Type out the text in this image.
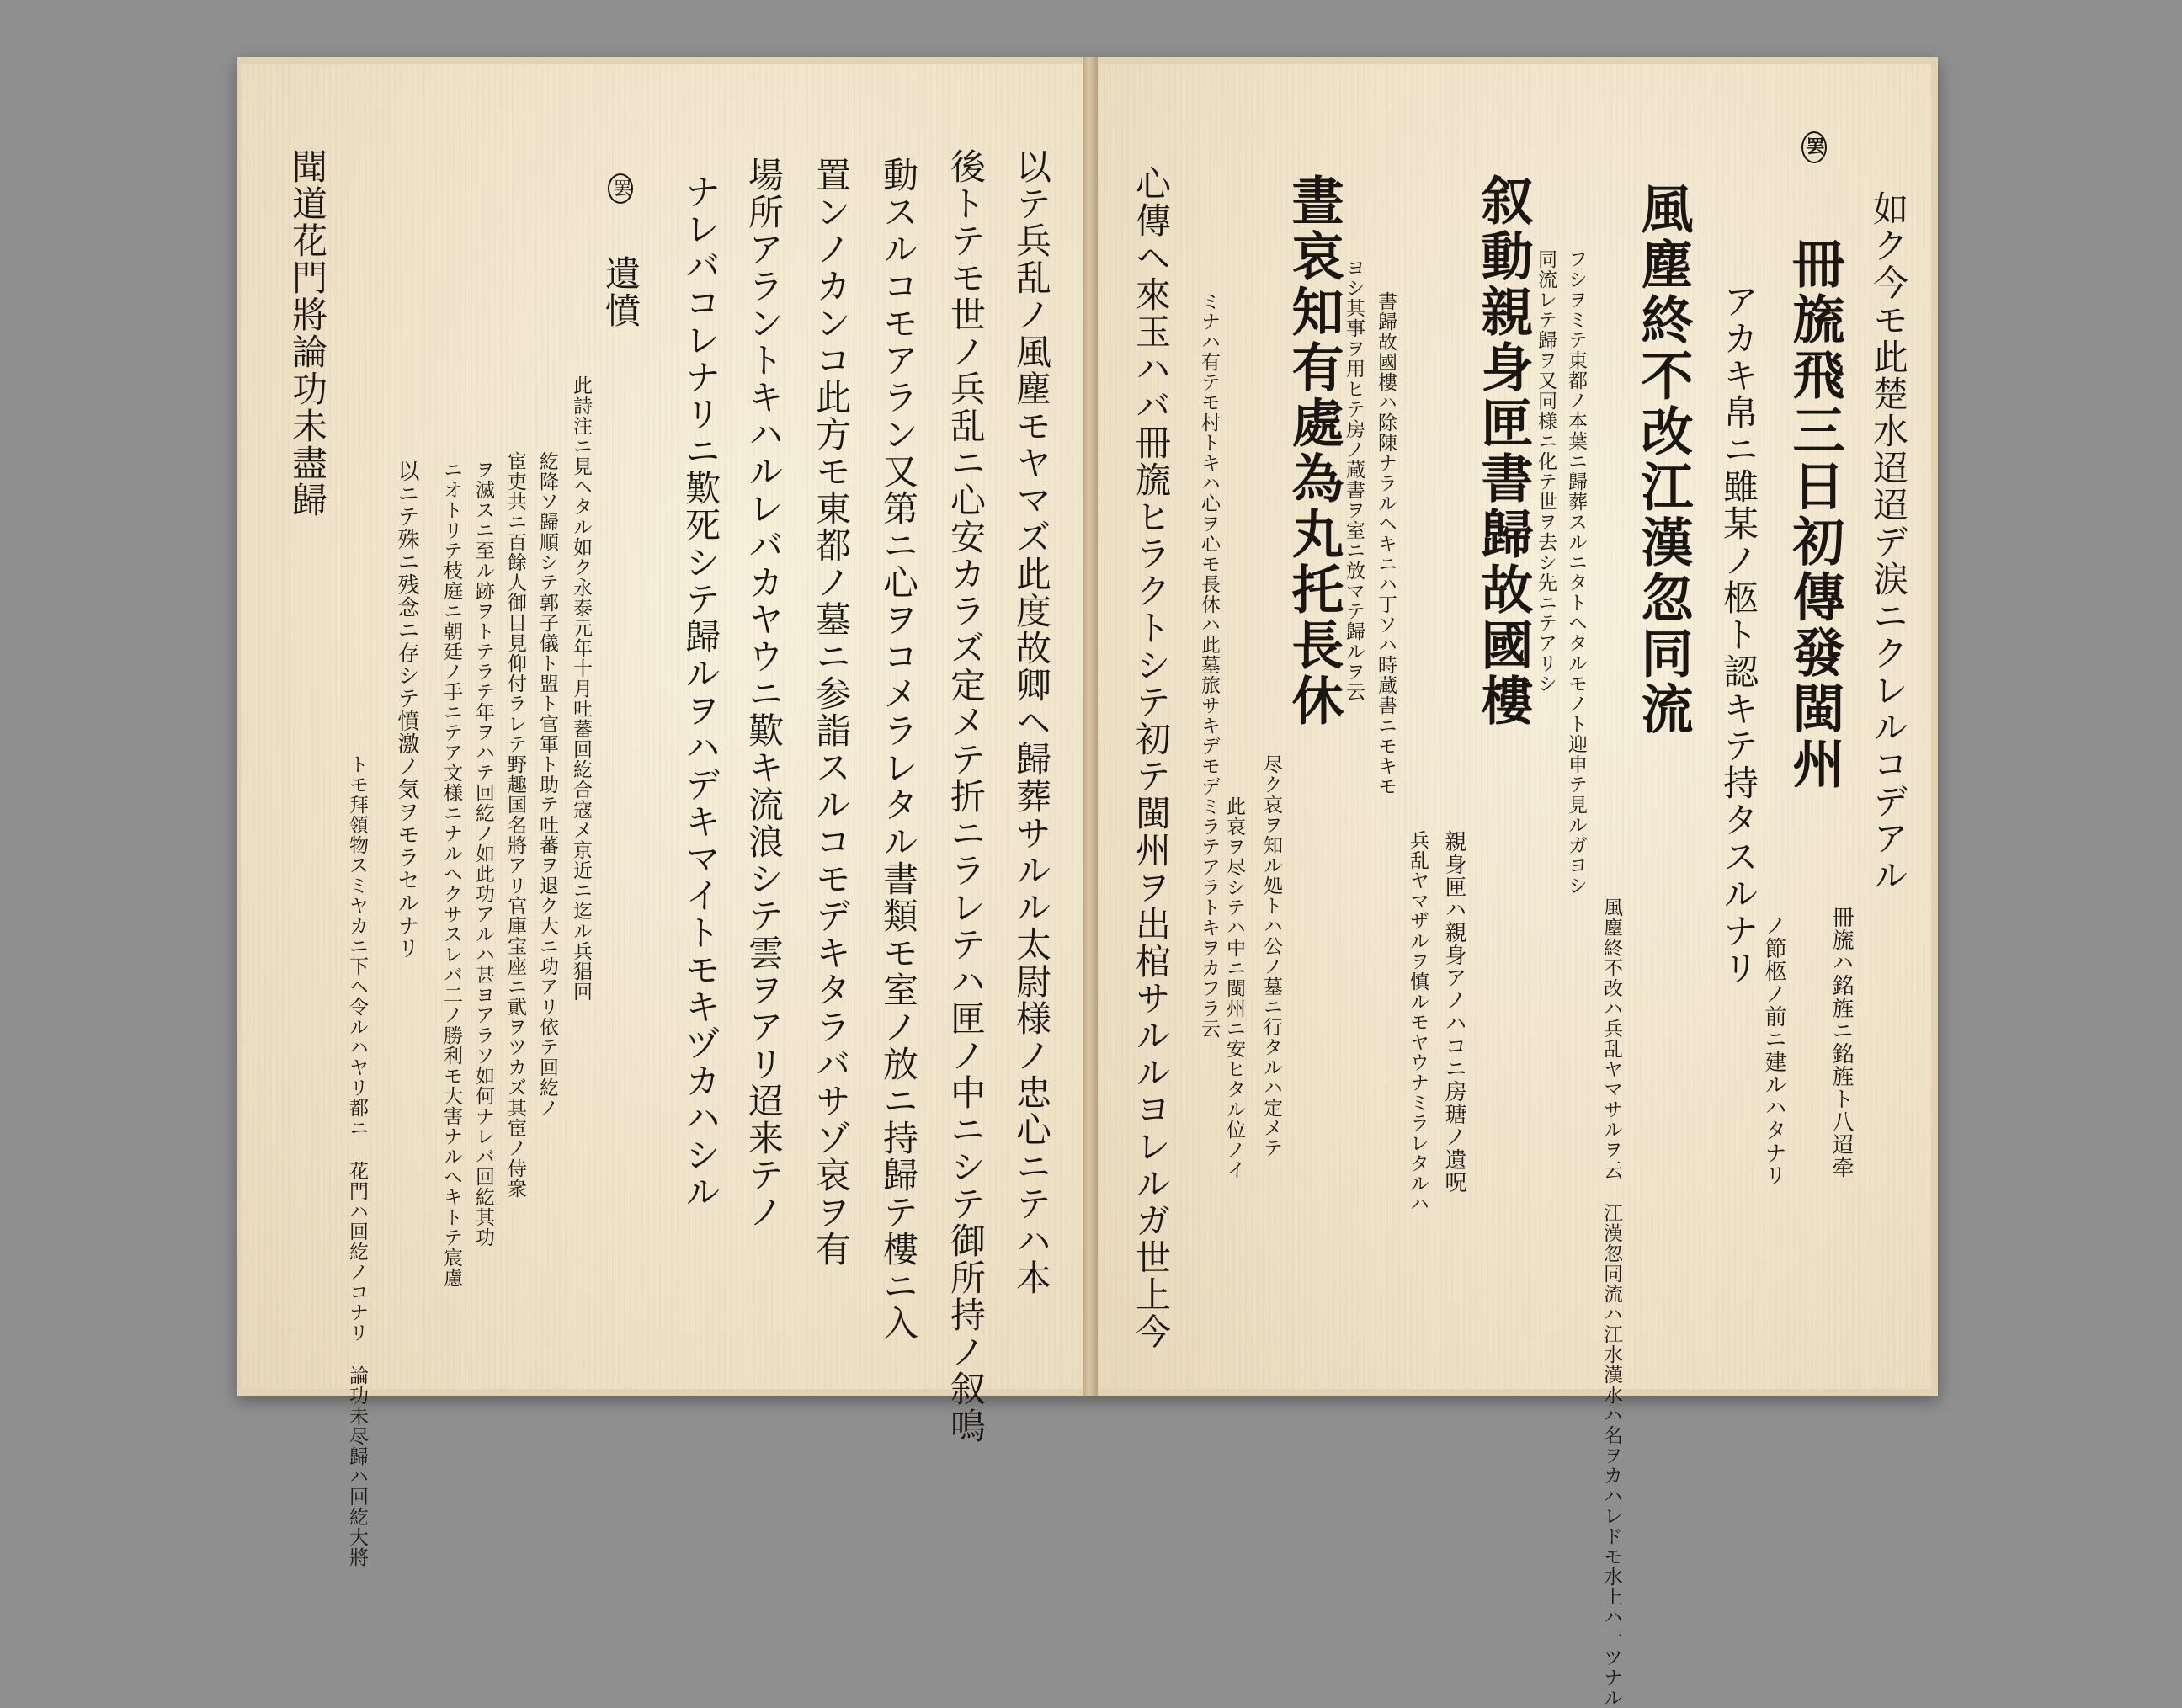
聞道花門將論功未盡歸
トモ拜領物スミヤカニ下ヘ令ルハヤリ都ニ 花門ハ回紇ノコナリ 論功未尽歸ハ回紇大將
以ニテ殊ニ残念ニ存シテ憤激ノ気ヲモラセルナリ ニオトリテ枝庭ニ朝廷ノ手ニテア文様ニナルヘクサスレバ二ノ勝利モ大害ナルヘキトテ宸慮 ヲ滅スニ至ル跡ヲトテラテ年ヲハテ回紇ノ如此功アルハ甚ヨアラソ如何ナレバ回紇其功 宦吏共ニ百餘人御目見仰付ラレテ野趣国名將アリ官庫宝座ニ貮ヲツカズ其宦ノ侍衆 紇降ソ歸順シテ郭子儀ト盟ト官軍ト助テ吐蕃ヲ退ク大ニ功アリ依テ回紇ノ 此詩注ニ見ヘタル如ク永泰元年十月吐蕃回紇合寇メ京近ニ迄ル兵猖回
罢 遺憤 ナレバコレナリニ歎死シテ歸ルヲハデキマイトモキヅカハシル 場所アラントキハルレバカヤウニ歎キ流浪シテ雲ヲアリ迢来テノ 置ンノカンコ此方モ東都ノ墓ニ参詣スルコモデキタラバサゾ哀ヲ有 動スルコモアラン又第ニ心ヲコメラレタル書類モ室ノ放ニ持歸テ樓ニ入 後トテモ世ノ兵乱ニ心安カラズ定メテ折ニラレテハ匣ノ中ニシテ御所持ノ叙鳴 以テ兵乱ノ風塵モヤマズ此度故卿ヘ歸葬サルル太尉様ノ忠心ニテハ本 心傳ヘ來玉ハバ冊旒ヒラクトシテ初テ閩州ヲ出棺サルルヨレルガ世上今	此哀ヲ尽シテハ中ニ閩州ニ安ヒタル位ノイ 尽ク哀ヲ知ル処トハ公ノ墓ニ行タルハ定メテ
ミナハ有テモ村トキハ心ヲ心モ長休ハ此墓旅サキデモデミラテアラトキヲカフラ云 晝哀知有處為丸托長休
ヨシ其事ヲ用ヒテ房ノ蔵書ヲ室ニ放マテ歸ルヲ云 書歸故國樓ハ除陳ナラルヘキニハ丁ソハ時蔵書ニモキモ
兵乱ヤマザルヲ慎ルモヤウナミラレタルハ 親身匣ハ親身アノハコニ房瑭ノ遺呪
叙動親身匣書歸故國樓 同流レテ歸ヲ又同様ニ化テ世ヲ去シ先ニテアリシ フシヲミテ東都ノ本葉ニ歸葬スルニタトヘタルモノト迎申テ見ルガヨシ
風塵終不改ハ兵乱ヤマサルヲ云 江漢忽同流ハ江水漢水ハ名ヲカハレドモ水上ハ一ツナル
風塵終不改江漢忽同流 アカキ帛ニ雖某ノ柩ト認キテ持タスルナリ
ノ節柩ノ前ニ建ルハタナリ
罢 冊旒飛三日初傳發閩州
冊旒ハ銘旌ニ銘旌ト八迢牵
如ク今モ此楚水迢迢デ涙ニクレルコデアル
